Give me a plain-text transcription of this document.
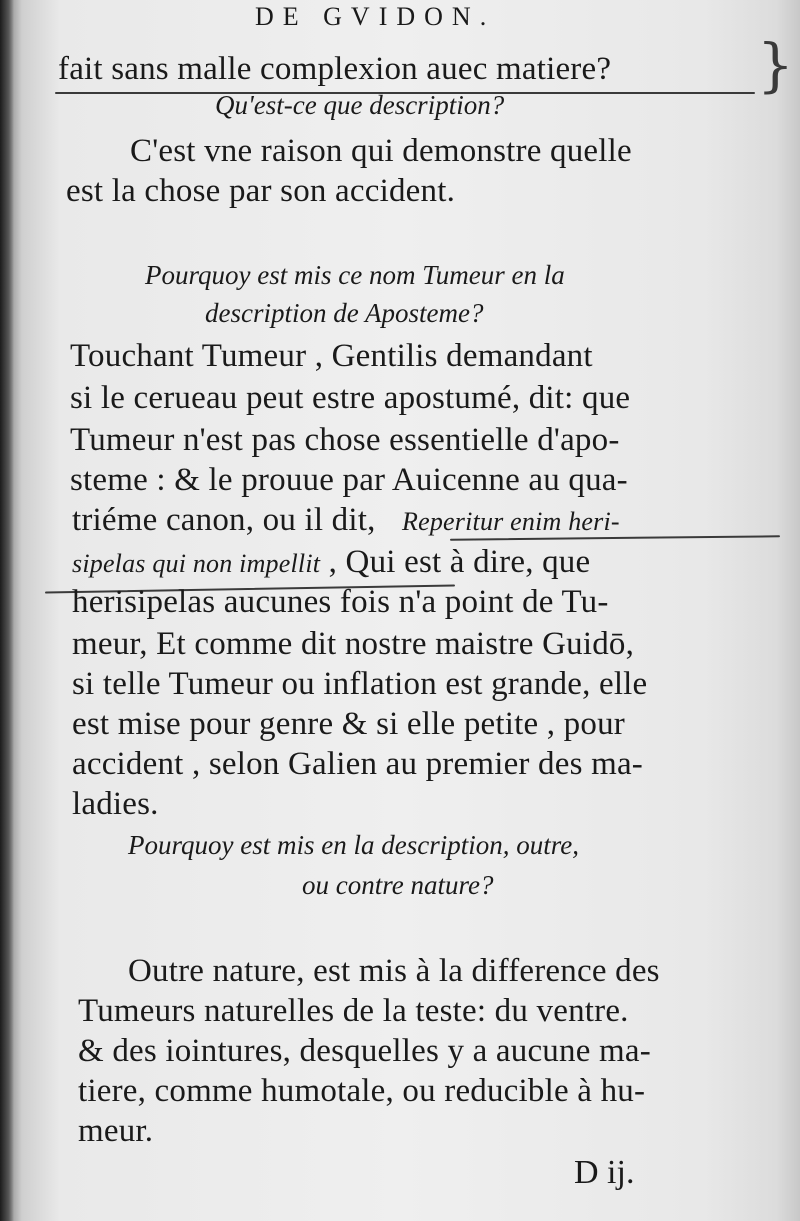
DE GVIDON.
fait sans malle complexion auec matiere?	}
Qu'est-ce que description?
C'est vne raison qui demonstre quelle
est la chose par son accident.
Pourquoy est mis ce nom Tumeur en la
description de Aposteme?
Touchant Tumeur , Gentilis demandant
si le cerueau peut estre apostumé, dit: que
Tumeur n'est pas chose essentielle d'apo-
steme : & le prouue par Auicenne au qua-
triéme canon, ou il dit, Reperitur enim heri-
sipelas qui non impellit , Qui est à dire, que
herisipelas aucunes fois n'a point de Tu-
meur, Et comme dit nostre maistre Guidō,
si telle Tumeur ou inflation est grande, elle
est mise pour genre & si elle petite , pour
accident , selon Galien au premier des ma-
ladies.
Pourquoy est mis en la description, outre,
ou contre nature?
Outre nature, est mis à la difference des
Tumeurs naturelles de la teste: du ventre.
& des iointures, desquelles y a aucune ma-
tiere, comme humotale, ou reducible à hu-
meur.
D ij.
